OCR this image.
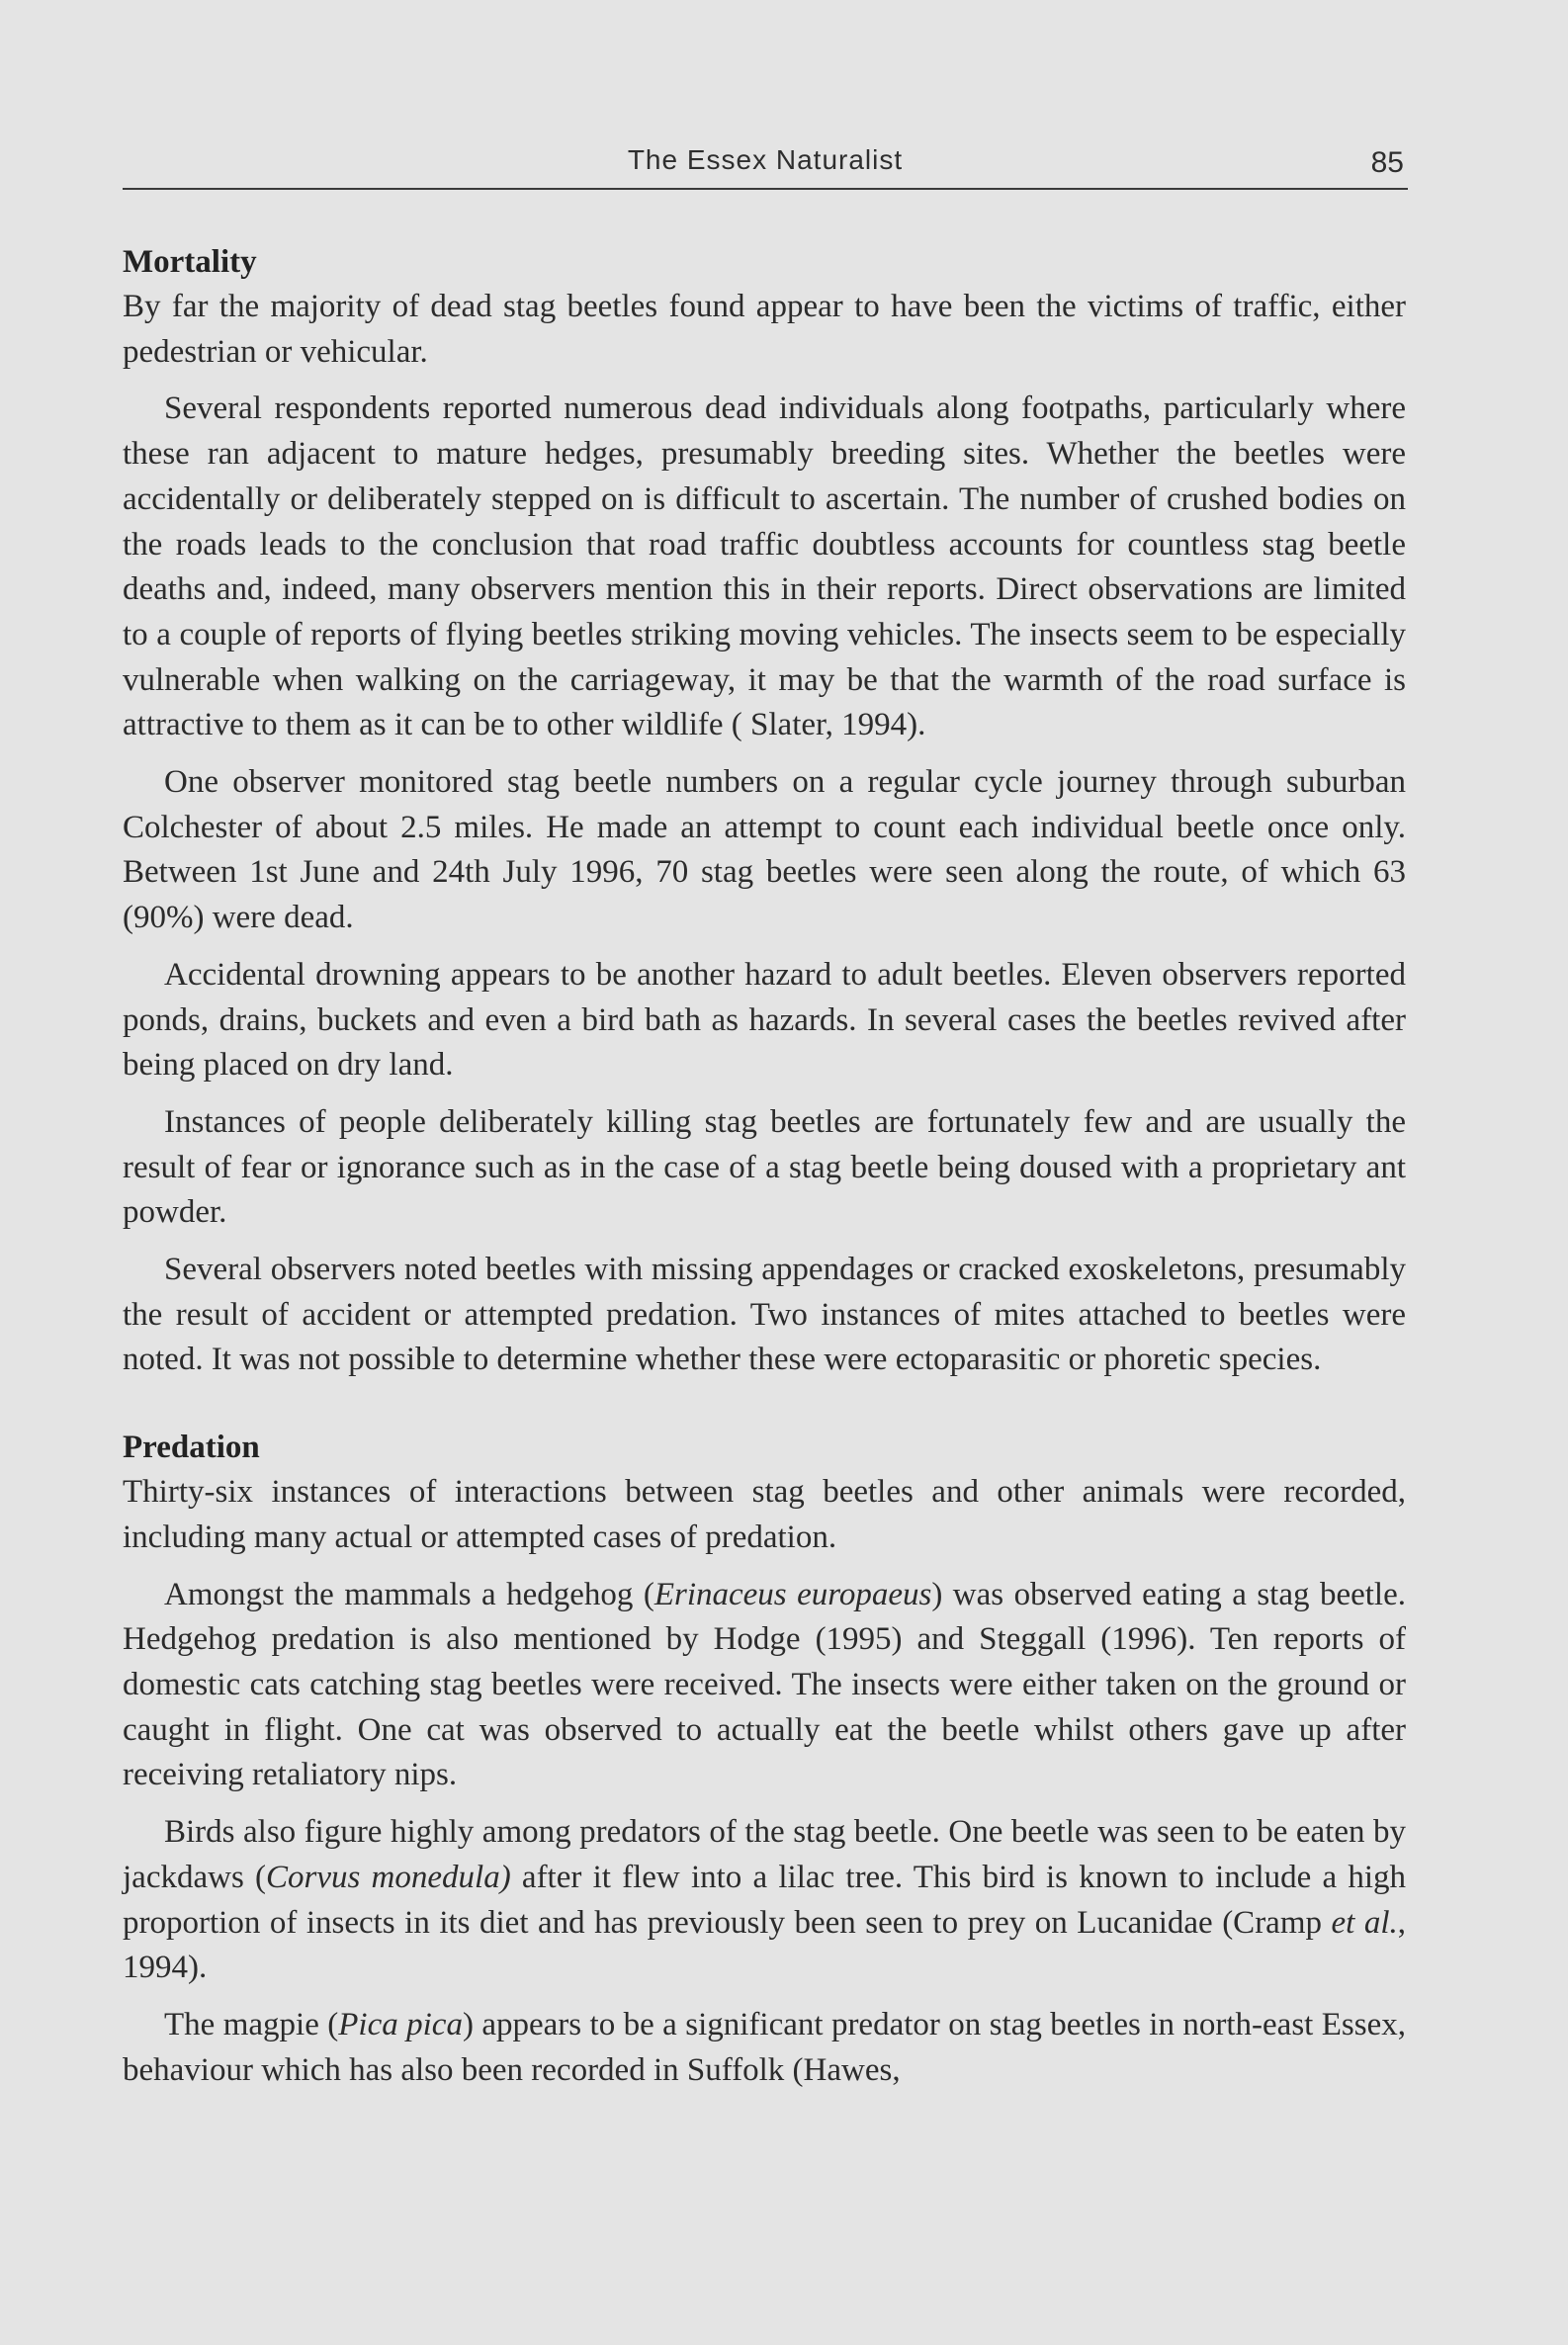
The Essex Naturalist	85
Mortality

By far the majority of dead stag beetles found appear to have been the victims of traffic, either pedestrian or vehicular.

Several respondents reported numerous dead individuals along footpaths, particularly where these ran adjacent to mature hedges, presumably breeding sites. Whether the beetles were accidentally or deliberately stepped on is difficult to ascertain. The number of crushed bodies on the roads leads to the conclusion that road traffic doubtless accounts for countless stag beetle deaths and, indeed, many observers mention this in their reports. Direct observations are limited to a couple of reports of flying beetles striking moving vehicles. The insects seem to be especially vulnerable when walking on the carriageway, it may be that the warmth of the road surface is attractive to them as it can be to other wildlife ( Slater, 1994).

One observer monitored stag beetle numbers on a regular cycle journey through suburban Colchester of about 2.5 miles. He made an attempt to count each individual beetle once only. Between 1st June and 24th July 1996, 70 stag beetles were seen along the route, of which 63 (90%) were dead.

Accidental drowning appears to be another hazard to adult beetles. Eleven observers reported ponds, drains, buckets and even a bird bath as hazards. In several cases the beetles revived after being placed on dry land.

Instances of people deliberately killing stag beetles are fortunately few and are usually the result of fear or ignorance such as in the case of a stag beetle being doused with a proprietary ant powder.

Several observers noted beetles with missing appendages or cracked exoskeletons, presumably the result of accident or attempted predation. Two instances of mites attached to beetles were noted. It was not possible to determine whether these were ectoparasitic or phoretic species.

Predation

Thirty-six instances of interactions between stag beetles and other animals were recorded, including many actual or attempted cases of predation.

Amongst the mammals a hedgehog (Erinaceus europaeus) was observed eating a stag beetle. Hedgehog predation is also mentioned by Hodge (1995) and Steggall (1996). Ten reports of domestic cats catching stag beetles were received. The insects were either taken on the ground or caught in flight. One cat was observed to actually eat the beetle whilst others gave up after receiving retaliatory nips.

Birds also figure highly among predators of the stag beetle. One beetle was seen to be eaten by jackdaws (Corvus monedula) after it flew into a lilac tree. This bird is known to include a high proportion of insects in its diet and has previously been seen to prey on Lucanidae (Cramp et al., 1994).

The magpie (Pica pica) appears to be a significant predator on stag beetles in north-east Essex, behaviour which has also been recorded in Suffolk (Hawes,
